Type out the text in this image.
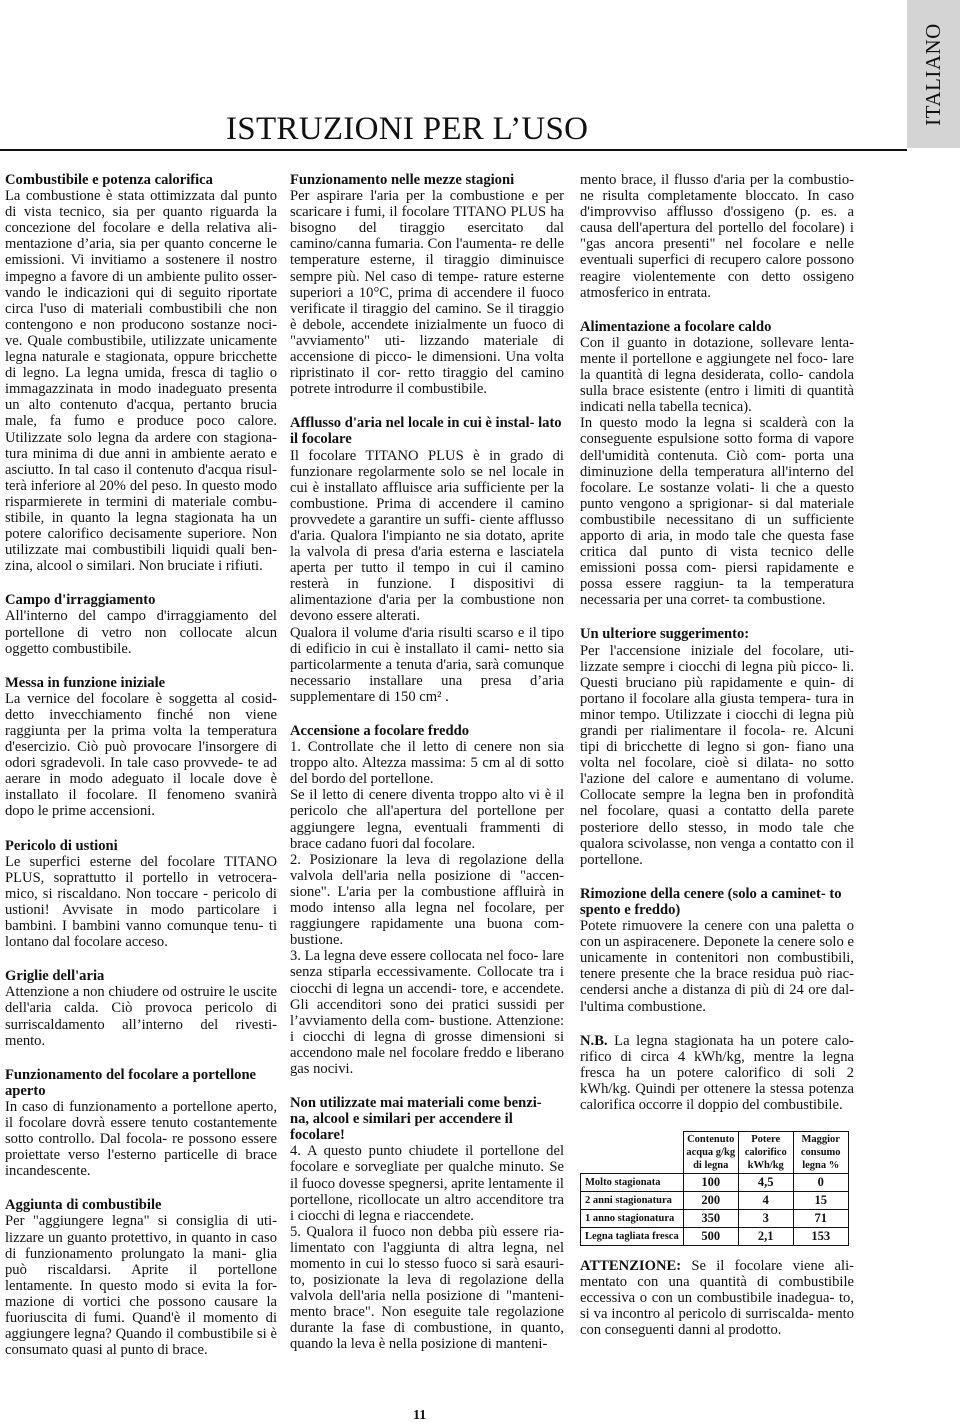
ITALIANO
ISTRUZIONI PER L’USO
Combustibile e potenza calorifica

La combustione è stata ottimizzata dal punto di vista tecnico, sia per quanto riguarda la concezione del focolare e della relativa ali- mentazione d’aria, sia per quanto concerne le emissioni. Vi invitiamo a sostenere il nostro impegno a favore di un ambiente pulito osser- vando le indicazioni qui di seguito riportate circa l'uso di materiali combustibili che non contengono e non producono sostanze noci- ve. Quale combustibile, utilizzate unicamente legna naturale e stagionata, oppure bricchette di legno. La legna umida, fresca di taglio o immagazzinata in modo inadeguato presenta un alto contenuto d'acqua, pertanto brucia male, fa fumo e produce poco calore. Utilizzate solo legna da ardere con stagiona- tura minima di due anni in ambiente aerato e asciutto. In tal caso il contenuto d'acqua risul- terà inferiore al 20% del peso. In questo modo risparmierete in termini di materiale combu- stibile, in quanto la legna stagionata ha un potere calorifico decisamente superiore. Non utilizzate mai combustibili liquidi quali ben- zina, alcool o similari. Non bruciate i rifiuti.

Campo d'irraggiamento

All'interno del campo d'irraggiamento del portellone di vetro non collocate alcun oggetto combustibile.

Messa in funzione iniziale

La vernice del focolare è soggetta al cosid- detto invecchiamento finché non viene raggiunta per la prima volta la temperatura d'esercizio. Ciò può provocare l'insorgere di odori sgradevoli. In tale caso provvede- te ad aerare in modo adeguato il locale dove è installato il focolare. Il fenomeno svanirà dopo le prime accensioni.

Pericolo di ustioni

Le superfici esterne del focolare TITANO PLUS, soprattutto il portello in vetrocera- mico, si riscaldano. Non toccare - pericolo di ustioni! Avvisate in modo particolare i bambini. I bambini vanno comunque tenu- ti lontano dal focolare acceso.

Griglie dell'aria

Attenzione a non chiudere od ostruire le uscite dell'aria calda. Ciò provoca pericolo di surriscaldamento all’interno del rivesti- mento.

Funzionamento del focolare a portellone aperto

In caso di funzionamento a portellone aperto, il focolare dovrà essere tenuto costantemente sotto controllo. Dal focola- re possono essere proiettate verso l'esterno particelle di brace incandescente.

Aggiunta di combustibile

Per "aggiungere legna" si consiglia di uti- lizzare un guanto protettivo, in quanto in caso di funzionamento prolungato la mani- glia può riscaldarsi. Aprite il portellone lentamente. In questo modo si evita la for- mazione di vortici che possono causare la fuoriuscita di fumi. Quand'è il momento di aggiungere legna? Quando il combustibile si è consumato quasi al punto di brace.

Funzionamento nelle mezze stagioni

Per aspirare l'aria per la combustione e per scaricare i fumi, il focolare TITANO PLUS ha bisogno del tiraggio esercitato dal camino/canna fumaria. Con l'aumenta- re delle temperature esterne, il tiraggio diminuisce sempre più. Nel caso di tempe- rature esterne superiori a 10°C, prima di accendere il fuoco verificate il tiraggio del camino. Se il tiraggio è debole, accendete inizialmente un fuoco di "avviamento" uti- lizzando materiale di accensione di picco- le dimensioni. Una volta ripristinato il cor- retto tiraggio del camino potrete introdurre il combustibile.

Afflusso d'aria nel locale in cui è instal- lato il focolare

Il focolare TITANO PLUS è in grado di funzionare regolarmente solo se nel locale in cui è installato affluisce aria sufficiente per la combustione. Prima di accendere il camino provvedete a garantire un suffi- ciente afflusso d'aria. Qualora l'impianto ne sia dotato, aprite la valvola di presa d'aria esterna e lasciatela aperta per tutto il tempo in cui il camino resterà in funzione. I dispositivi di alimentazione d'aria per la combustione non devono essere alterati.

Qualora il volume d'aria risulti scarso e il tipo di edificio in cui è installato il cami- netto sia particolarmente a tenuta d'aria, sarà comunque necessario installare una presa d’aria supplementare di 150 cm² .

Accensione a focolare freddo

1. Controllate che il letto di cenere non sia troppo alto. Altezza massima: 5 cm al di sotto del bordo del portellone.

Se il letto di cenere diventa troppo alto vi è il pericolo che all'apertura del portellone per aggiungere legna, eventuali frammenti di brace cadano fuori dal focolare.

2. Posizionare la leva di regolazione della valvola dell'aria nella posizione di "accen- sione". L'aria per la combustione affluirà in modo intenso alla legna nel focolare, per raggiungere rapidamente una buona com- bustione.

3. La legna deve essere collocata nel foco- lare senza stiparla eccessivamente. Collocate tra i ciocchi di legna un accendi- tore, e accendete. Gli accenditori sono dei pratici sussidi per l’avviamento della com- bustione. Attenzione: i ciocchi di legna di grosse dimensioni si accendono male nel focolare freddo e liberano gas nocivi.

Non utilizzate mai materiali come benzi- na, alcool e similari per accendere il focolare!

4. A questo punto chiudete il portellone del focolare e sorvegliate per qualche minuto. Se il fuoco dovesse spegnersi, aprite lentamente il portellone, ricollocate un altro accenditore tra i ciocchi di legna e riaccendete.

5. Qualora il fuoco non debba più essere ria- limentato con l'aggiunta di altra legna, nel momento in cui lo stesso fuoco si sarà esauri- to, posizionate la leva di regolazione della valvola dell'aria nella posizione di "manteni- mento brace". Non eseguite tale regolazione durante la fase di combustione, in quanto, quando la leva è nella posizione di manteni-

mento brace, il flusso d'aria per la combustio- ne risulta completamente bloccato. In caso d'improvviso afflusso d'ossigeno (p. es. a causa dell'apertura del portello del focolare) i "gas ancora presenti" nel focolare e nelle eventuali superfici di recupero calore possono reagire violentemente con detto ossigeno atmosferico in entrata.

Alimentazione a focolare caldo

Con il guanto in dotazione, sollevare lenta- mente il portellone e aggiungete nel foco- lare la quantità di legna desiderata, collo- candola sulla brace esistente (entro i limiti di quantità indicati nella tabella tecnica).

In questo modo la legna si scalderà con la conseguente espulsione sotto forma di vapore dell'umidità contenuta. Ciò com- porta una diminuzione della temperatura all'interno del focolare. Le sostanze volati- li che a questo punto vengono a sprigionar- si dal materiale combustibile necessitano di un sufficiente apporto di aria, in modo tale che questa fase critica dal punto di vista tecnico delle emissioni possa com- piersi rapidamente e possa essere raggiun- ta la temperatura necessaria per una corret- ta combustione.

Un ulteriore suggerimento:

Per l'accensione iniziale del focolare, uti- lizzate sempre i ciocchi di legna più picco- li. Questi bruciano più rapidamente e quin- di portano il focolare alla giusta tempera- tura in minor tempo. Utilizzate i ciocchi di legna più grandi per rialimentare il focola- re. Alcuni tipi di bricchette di legno si gon- fiano una volta nel focolare, cioè si dilata- no sotto l'azione del calore e aumentano di volume. Collocate sempre la legna ben in profondità nel focolare, quasi a contatto della parete posteriore dello stesso, in modo tale che qualora scivolasse, non venga a contatto con il portellone.

Rimozione della cenere (solo a caminet- to spento e freddo)

Potete rimuovere la cenere con una paletta o con un aspiracenere. Deponete la cenere solo e unicamente in contenitori non combustibili, tenere presente che la brace residua può riac- cendersi anche a distanza di più di 24 ore dal- l'ultima combustione.

N.B. La legna stagionata ha un potere calo- rifico di circa 4 kWh/kg, mentre la legna fresca ha un potere calorifico di soli 2 kWh/kg. Quindi per ottenere la stessa potenza calorifica occorre il doppio del combustibile.

	Contenuto acqua g/kg di legna	Potere calorifico kWh/kg	Maggior consumo legna %
Molto stagionata	100	4,5	0
2 anni stagionatura	200	4	15
1 anno stagionatura	350	3	71
Legna tagliata fresca	500	2,1	153

ATTENZIONE: Se il focolare viene ali- mentato con una quantità di combustibile eccessiva o con un combustibile inadegua- to, si va incontro al pericolo di surriscalda- mento con conseguenti danni al prodotto.

11
